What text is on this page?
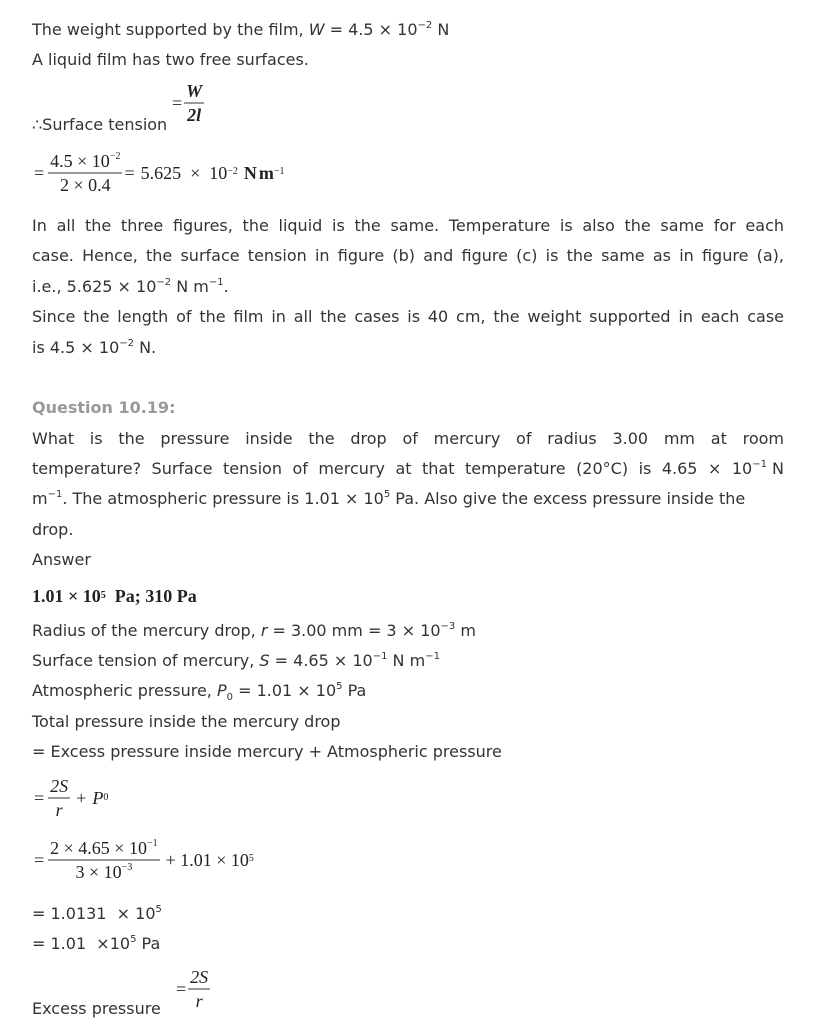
The weight supported by the film, $W = 4.5 \times 10^{-2}$ N
A liquid film has two free surfaces.
∴Surface tension
= $\frac{W}{2l}$
= $\frac{4.5 \times 10^{-2}}{2 \times 0.4} = 5.625 \times 10^{-2}$ N $m^{-1}$
In all the three figures, the liquid is the same. Temperature is also the same for each
case. Hence, the surface tension in figure (b) and figure (c) is the same as in figure (a),
i.e., $5.625 \times 10^{-2}$ N $m^{-1}$.
Since the length of the film in all the cases is 40 cm, the weight supported in each case
is $4.5 \times 10^{-2}$ N.
Question 10.19:
What is the pressure inside the drop of mercury of radius 3.00 mm at room
temperature? Surface tension of mercury at that temperature (20°C) is 4.65 × 10 $^{-1}$ N
$m^{-1}$. The atmospheric pressure is $1.01 \times 10^5$ Pa. Also give the excess pressure inside the
drop.
Answer
$1.01 \times 10^5$ Pa; 310 Pa
Radius of the mercury drop, r = 3.00 mm = $3 \times 10^{-3}$ m
Surface tension of mercury, $S = 4.65 \times 10^{-1}$ N $m^{-1}$
Atmospheric pressure, $P_0 = 1.01 \times 10^5$ Pa
Total pressure inside the mercury drop
= Excess pressure inside mercury + Atmospheric pressure
= $\frac{2S}{r} + P$ 0
= $\frac{2 \times 4.65 \times 10^{-1}}{3 \times 10^{-3}} + 1.01 \times 10^5$
= $1.0131 \times 10^5$
= $1.01 \times 10^5$ Pa
Excess pressure
= $\frac{2S}{r}$
